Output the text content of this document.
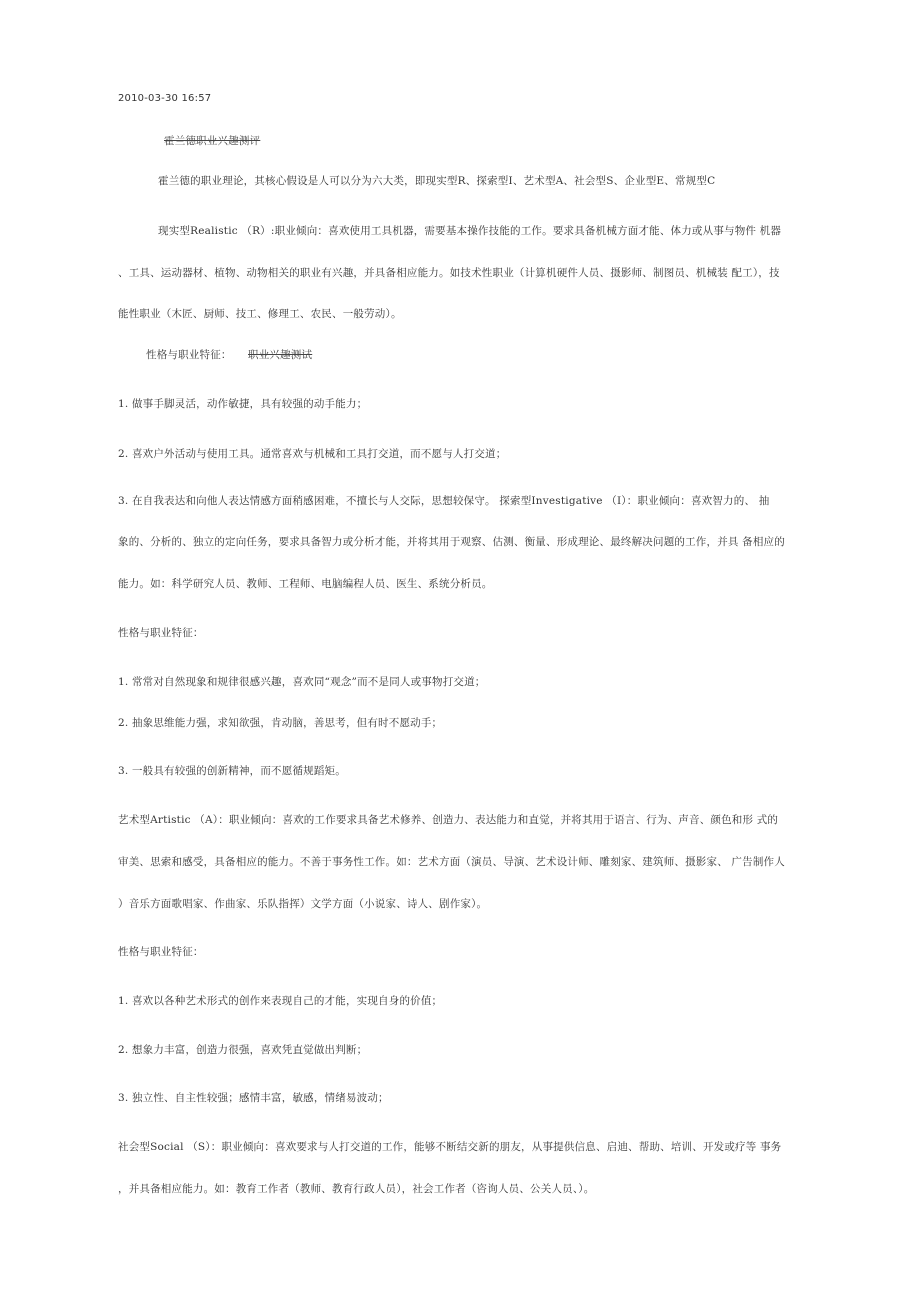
2010-03-30 16:57
霍兰德职业兴趣测评
霍兰德的职业理论，其核心假设是人可以分为六大类，即现实型R、探索型I、艺术型A、社会型S、企业型E、常规型C
现实型Realistic （R）:职业倾向：喜欢使用工具机器，需要基本操作技能的工作。要求具备机械方面才能、体力或从事与物件 机器
、工具、运动器材、植物、动物相关的职业有兴趣，并具备相应能力。如技术性职业（计算机硬件人员、摄影师、制图员、机械装 配工），技
能性职业（木匠、厨师、技工、修理工、农民、一般劳动）。
性格与职业特征： 职业兴趣测试
1. 做事手脚灵活，动作敏捷，具有较强的动手能力；
2. 喜欢户外活动与使用工具。通常喜欢与机械和工具打交道，而不愿与人打交道；
3. 在自我表达和向他人表达情感方面稍感困难，不擅长与人交际，思想较保守。 探索型Investigative （I）：职业倾向：喜欢智力的、 抽
象的、分析的、独立的定向任务，要求具备智力或分析才能，并将其用于观察、估测、衡量、形成理论、最终解决问题的工作，并具 备相应的
能力。如：科学研究人员、教师、工程师、电脑编程人员、医生、系统分析员。
性格与职业特征：
1. 常常对自然现象和规律很感兴趣，喜欢同“观念”而不是同人或事物打交道；
2. 抽象思维能力强，求知欲强，肯动脑，善思考，但有时不愿动手；
3. 一般具有较强的创新精神，而不愿循规蹈矩。
艺术型Artistic （A）：职业倾向：喜欢的工作要求具备艺术修养、创造力、表达能力和直觉，并将其用于语言、行为、声音、颜色和形 式的
审美、思索和感受，具备相应的能力。不善于事务性工作。如：艺术方面（演员、导演、艺术设计师、雕刻家、建筑师、摄影家、 广告制作人
）音乐方面歌唱家、作曲家、乐队指挥）文学方面（小说家、诗人、剧作家）。
性格与职业特征：
1. 喜欢以各种艺术形式的创作来表现自己的才能，实现自身的价值；
2. 想象力丰富，创造力很强，喜欢凭直觉做出判断；
3. 独立性、自主性较强；感情丰富，敏感，情绪易波动；
社会型Social （S）：职业倾向：喜欢要求与人打交道的工作，能够不断结交新的朋友，从事提供信息、启迪、帮助、培训、开发或疗等 事务
，并具备相应能力。如：教育工作者（教师、教育行政人员），社会工作者（咨询人员、公关人员、）。
